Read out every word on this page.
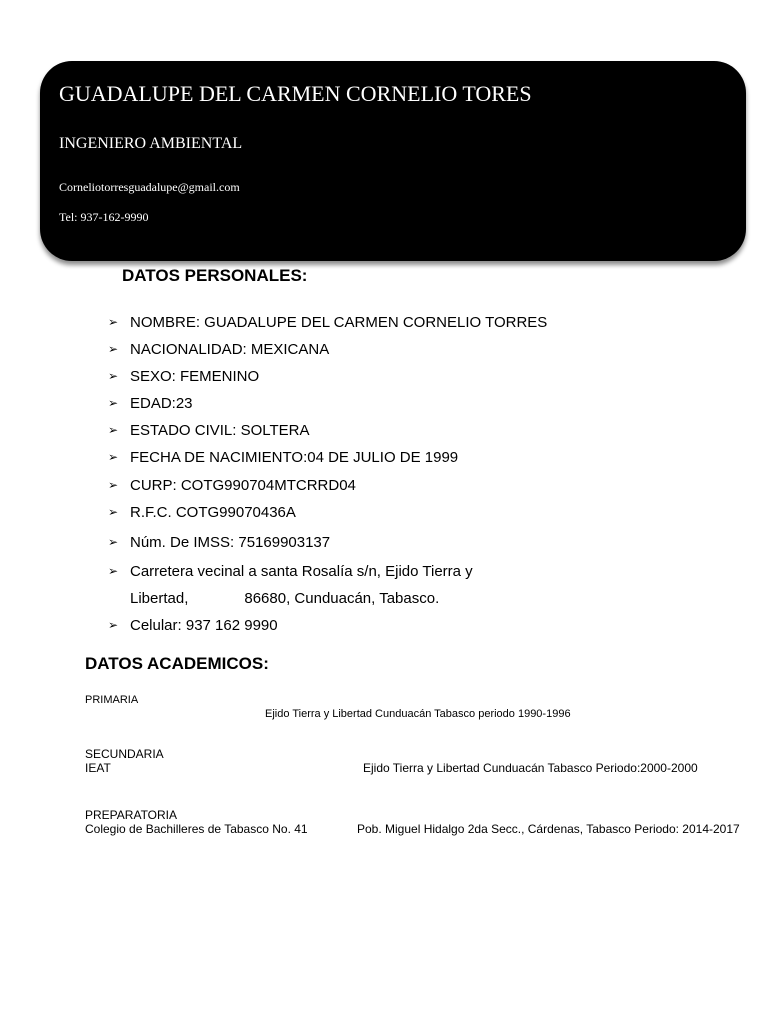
GUADALUPE DEL CARMEN CORNELIO TORES
INGENIERO AMBIENTAL
Corneliotorresguadalupe@gmail.com
Tel: 937-162-9990
DATOS PERSONALES:
➢ NOMBRE: GUADALUPE DEL CARMEN CORNELIO TORRES
➢ NACIONALIDAD: MEXICANA
➢ SEXO: FEMENINO
➢ EDAD:23
➢ ESTADO CIVIL: SOLTERA
➢ FECHA DE NACIMIENTO:04 DE JULIO DE 1999
➢ CURP: COTG990704MTCRRD04
➢ R.F.C. COTG99070436A
➢ Núm. De IMSS: 75169903137
➢ Carretera vecinal a santa Rosalía s/n, Ejido Tierra y
Libertad,	86680, Cunduacán, Tabasco.
➢ Celular: 937 162 9990
DATOS ACADEMICOS:
PRIMARIA
Ejido Tierra y Libertad Cunduacán Tabasco periodo 1990-1996
SECUNDARIA
IEAT	Ejido Tierra y Libertad Cunduacán Tabasco Periodo:2000-2000
PREPARATORIA
Colegio de Bachilleres de Tabasco No. 41	Pob. Miguel Hidalgo 2da Secc., Cárdenas, Tabasco Periodo: 2014-2017
